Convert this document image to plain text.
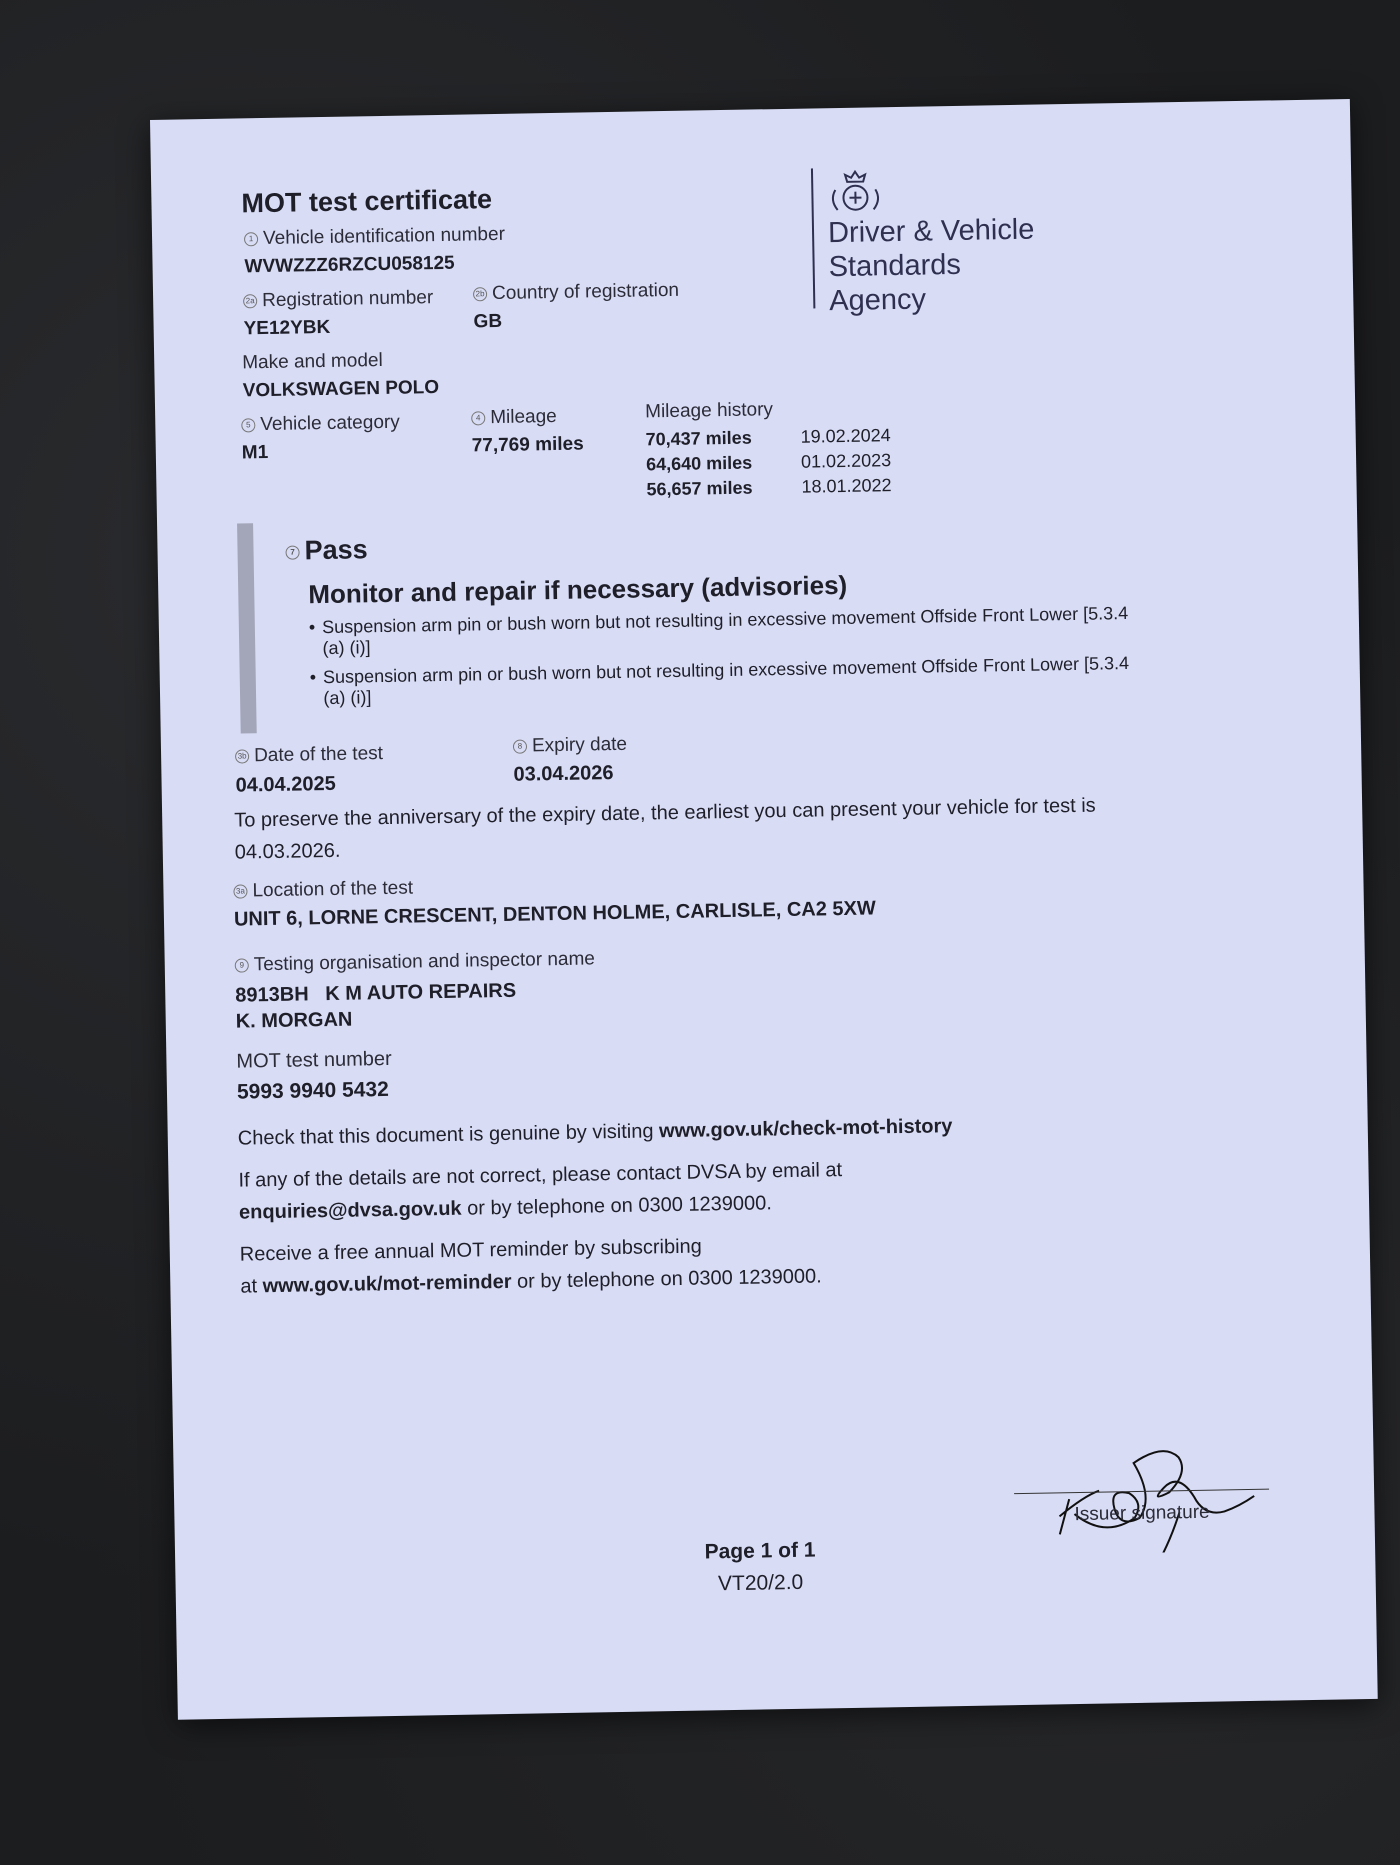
MOT test certificate
Driver & Vehicle
Standards
Agency
1 Vehicle identification number
WVWZZZ6RZCU058125
2a Registration number
YE12YBK
2b Country of registration
GB
Make and model
VOLKSWAGEN POLO
5 Vehicle category
M1
4 Mileage
77,769 miles
Mileage history
70,437 miles	19.02.2024
64,640 miles	01.02.2023
56,657 miles	18.01.2022
7 Pass
Monitor and repair if necessary (advisories)
• Suspension arm pin or bush worn but not resulting in excessive movement Offside Front Lower [5.3.4 (a) (i)]
• Suspension arm pin or bush worn but not resulting in excessive movement Offside Front Lower [5.3.4 (a) (i)]
3b Date of the test
04.04.2025
8 Expiry date
03.04.2026
To preserve the anniversary of the expiry date, the earliest you can present your vehicle for test is 04.03.2026.
3a Location of the test
UNIT 6, LORNE CRESCENT, DENTON HOLME, CARLISLE, CA2 5XW
9 Testing organisation and inspector name
8913BH   K M AUTO REPAIRS
K. MORGAN
MOT test number
5993 9940 5432
Check that this document is genuine by visiting www.gov.uk/check-mot-history
If any of the details are not correct, please contact DVSA by email at
enquiries@dvsa.gov.uk or by telephone on 0300 1239000.
Receive a free annual MOT reminder by subscribing
at www.gov.uk/mot-reminder or by telephone on 0300 1239000.
Issuer signature
Page 1 of 1
VT20/2.0
